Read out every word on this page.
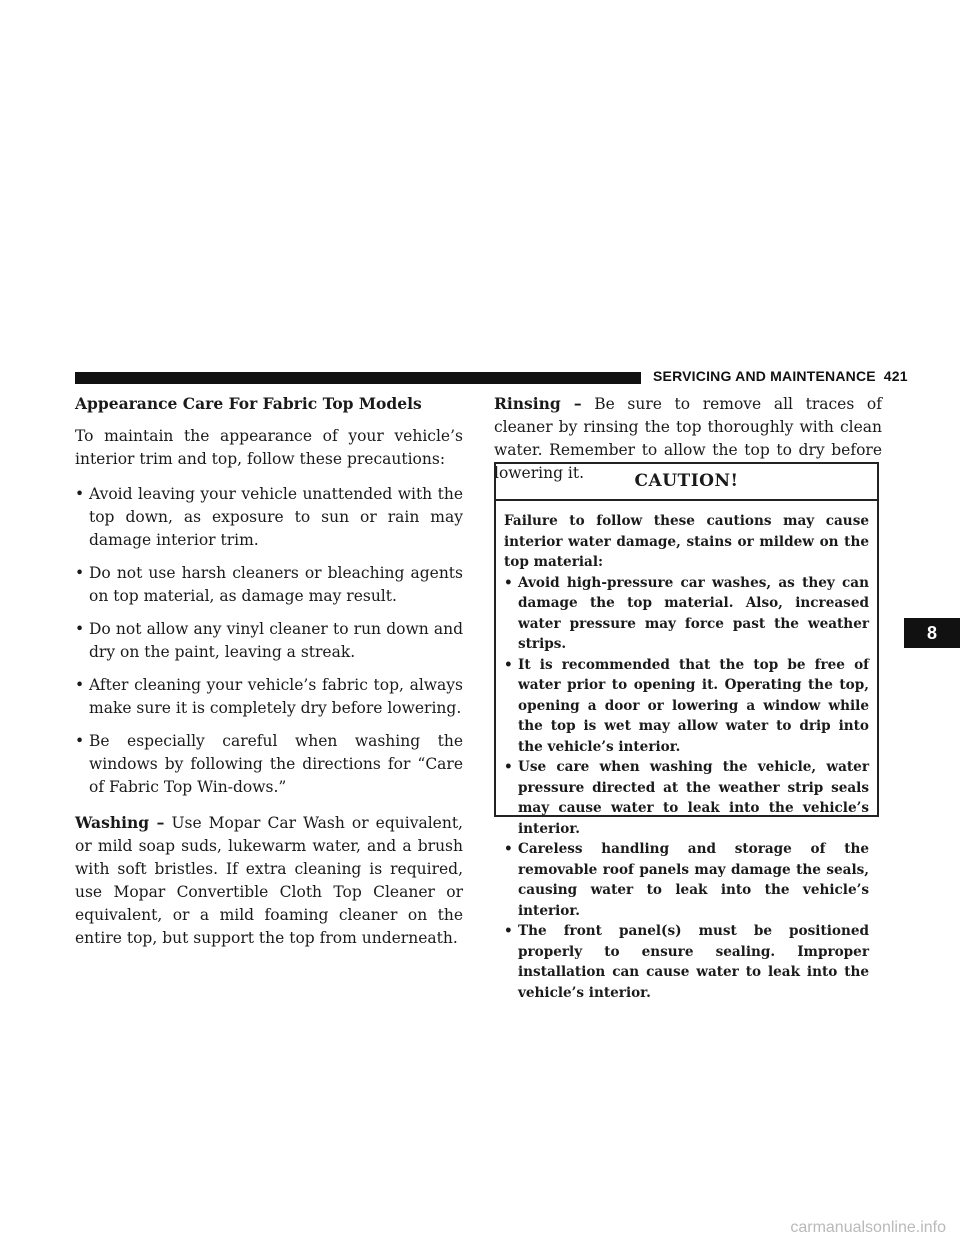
SERVICING AND MAINTENANCE 421
Appearance Care For Fabric Top Models

To maintain the appearance of your vehicle’s interior trim and top, follow these precautions:

• Avoid leaving your vehicle unattended with the top down, as exposure to sun or rain may damage interior trim.
• Do not use harsh cleaners or bleaching agents on top material, as damage may result.
• Do not allow any vinyl cleaner to run down and dry on the paint, leaving a streak.
• After cleaning your vehicle’s fabric top, always make sure it is completely dry before lowering.
• Be especially careful when washing the windows by following the directions for “Care of Fabric Top Win-dows.”

Washing – Use Mopar Car Wash or equivalent, or mild soap suds, lukewarm water, and a brush with soft bristles. If extra cleaning is required, use Mopar Convertible Cloth Top Cleaner or equivalent, or a mild foaming cleaner on the entire top, but support the top from underneath.

Rinsing – Be sure to remove all traces of cleaner by rinsing the top thoroughly with clean water. Remember to allow the top to dry before lowering it.	CAUTION!

Failure to follow these cautions may cause interior water damage, stains or mildew on the top material:

• Avoid high-pressure car washes, as they can damage the top material. Also, increased water pressure may force past the weather strips.
• It is recommended that the top be free of water prior to opening it. Operating the top, opening a door or lowering a window while the top is wet may allow water to drip into the vehicle’s interior.
• Use care when washing the vehicle, water pressure directed at the weather strip seals may cause water to leak into the vehicle’s interior.
• Careless handling and storage of the removable roof panels may damage the seals, causing water to leak into the vehicle’s interior.
• The front panel(s) must be positioned properly to ensure sealing. Improper installation can cause water to leak into the vehicle’s interior.
8
carmanualsonline.info
